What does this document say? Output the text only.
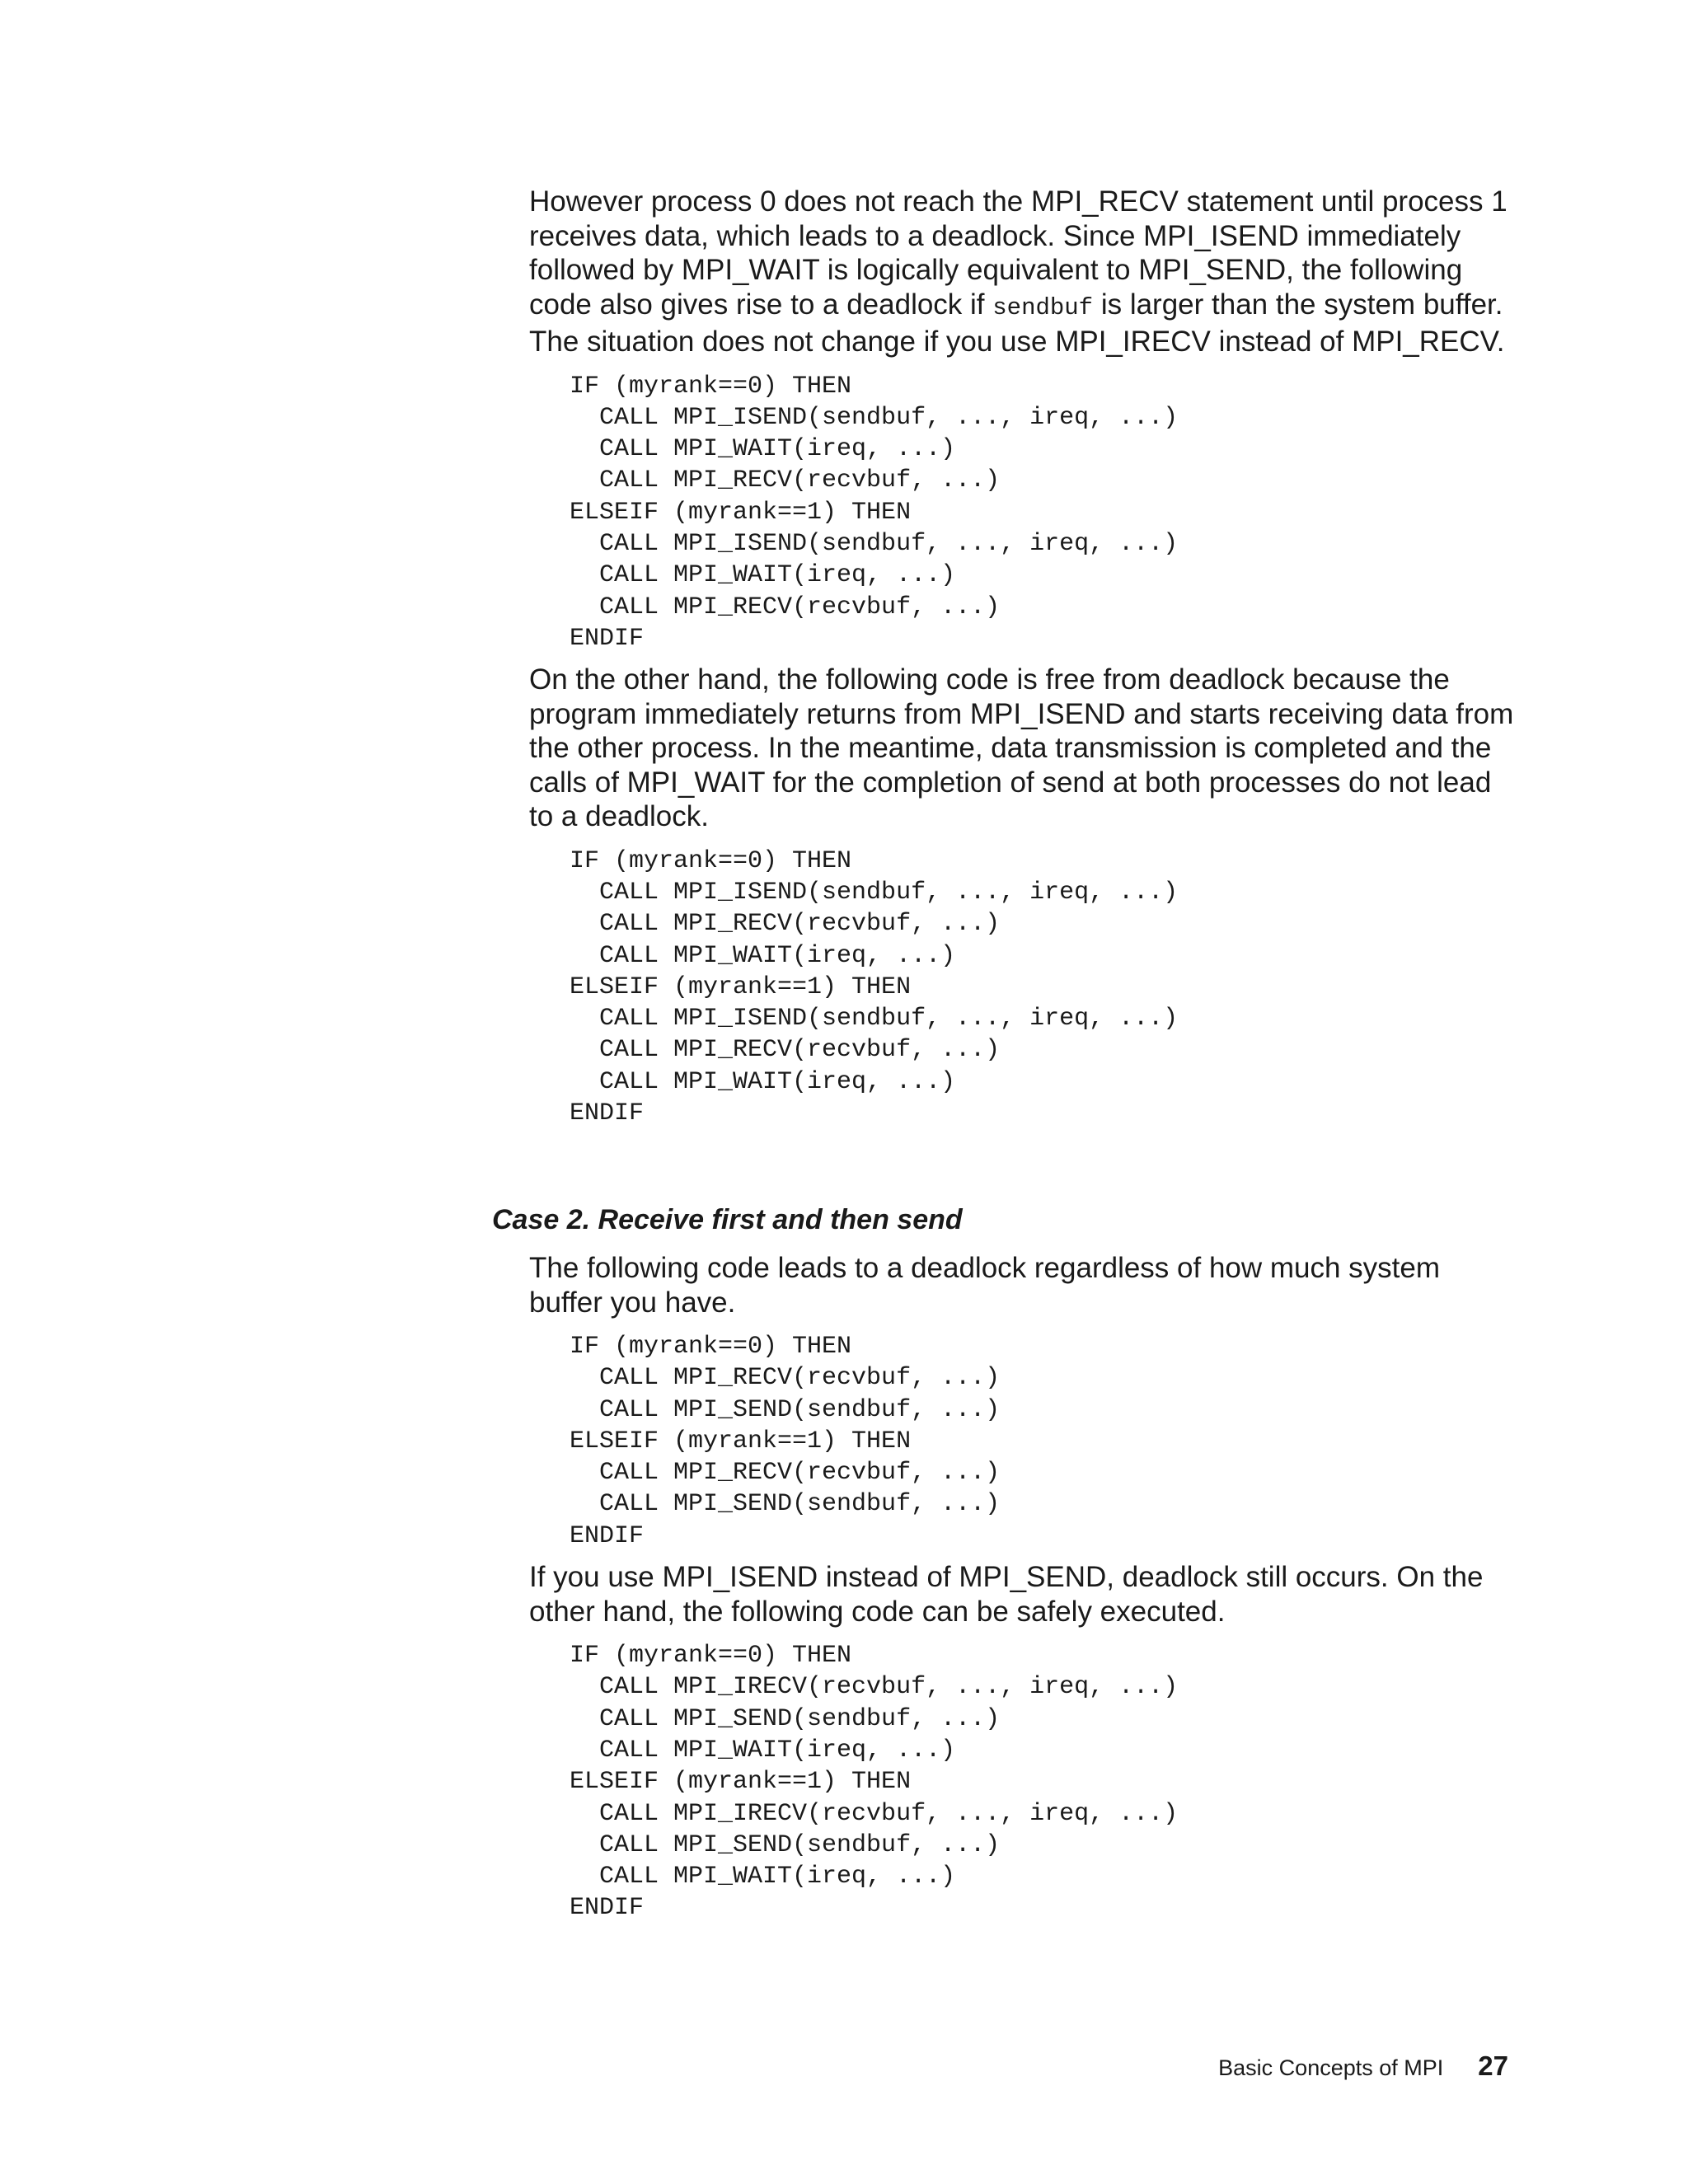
However process 0 does not reach the MPI_RECV statement until process 1 receives data, which leads to a deadlock. Since MPI_ISEND immediately followed by MPI_WAIT is logically equivalent to MPI_SEND, the following code also gives rise to a deadlock if sendbuf is larger than the system buffer. The situation does not change if you use MPI_IRECV instead of MPI_RECV.

IF (myrank==0) THEN
CALL MPI_ISEND(sendbuf, ..., ireq, ...)
CALL MPI_WAIT(ireq, ...)
CALL MPI_RECV(recvbuf, ...)
ELSEIF (myrank==1) THEN
CALL MPI_ISEND(sendbuf, ..., ireq, ...)
CALL MPI_WAIT(ireq, ...)
CALL MPI_RECV(recvbuf, ...)
ENDIF

On the other hand, the following code is free from deadlock because the program immediately returns from MPI_ISEND and starts receiving data from the other process. In the meantime, data transmission is completed and the calls of MPI_WAIT for the completion of send at both processes do not lead to a deadlock.

IF (myrank==0) THEN
CALL MPI_ISEND(sendbuf, ..., ireq, ...)
CALL MPI_RECV(recvbuf, ...)
CALL MPI_WAIT(ireq, ...)
ELSEIF (myrank==1) THEN
CALL MPI_ISEND(sendbuf, ..., ireq, ...)
CALL MPI_RECV(recvbuf, ...)
CALL MPI_WAIT(ireq, ...)
ENDIF
Case 2. Receive first and then send

The following code leads to a deadlock regardless of how much system buffer you have.

IF (myrank==0) THEN
CALL MPI_RECV(recvbuf, ...)
CALL MPI_SEND(sendbuf, ...)
ELSEIF (myrank==1) THEN
CALL MPI_RECV(recvbuf, ...)
CALL MPI_SEND(sendbuf, ...)
ENDIF

If you use MPI_ISEND instead of MPI_SEND, deadlock still occurs. On the other hand, the following code can be safely executed.

IF (myrank==0) THEN
CALL MPI_IRECV(recvbuf, ..., ireq, ...)
CALL MPI_SEND(sendbuf, ...)
CALL MPI_WAIT(ireq, ...)
ELSEIF (myrank==1) THEN
CALL MPI_IRECV(recvbuf, ..., ireq, ...)
CALL MPI_SEND(sendbuf, ...)
CALL MPI_WAIT(ireq, ...)
ENDIF
Basic Concepts of MPI 27
